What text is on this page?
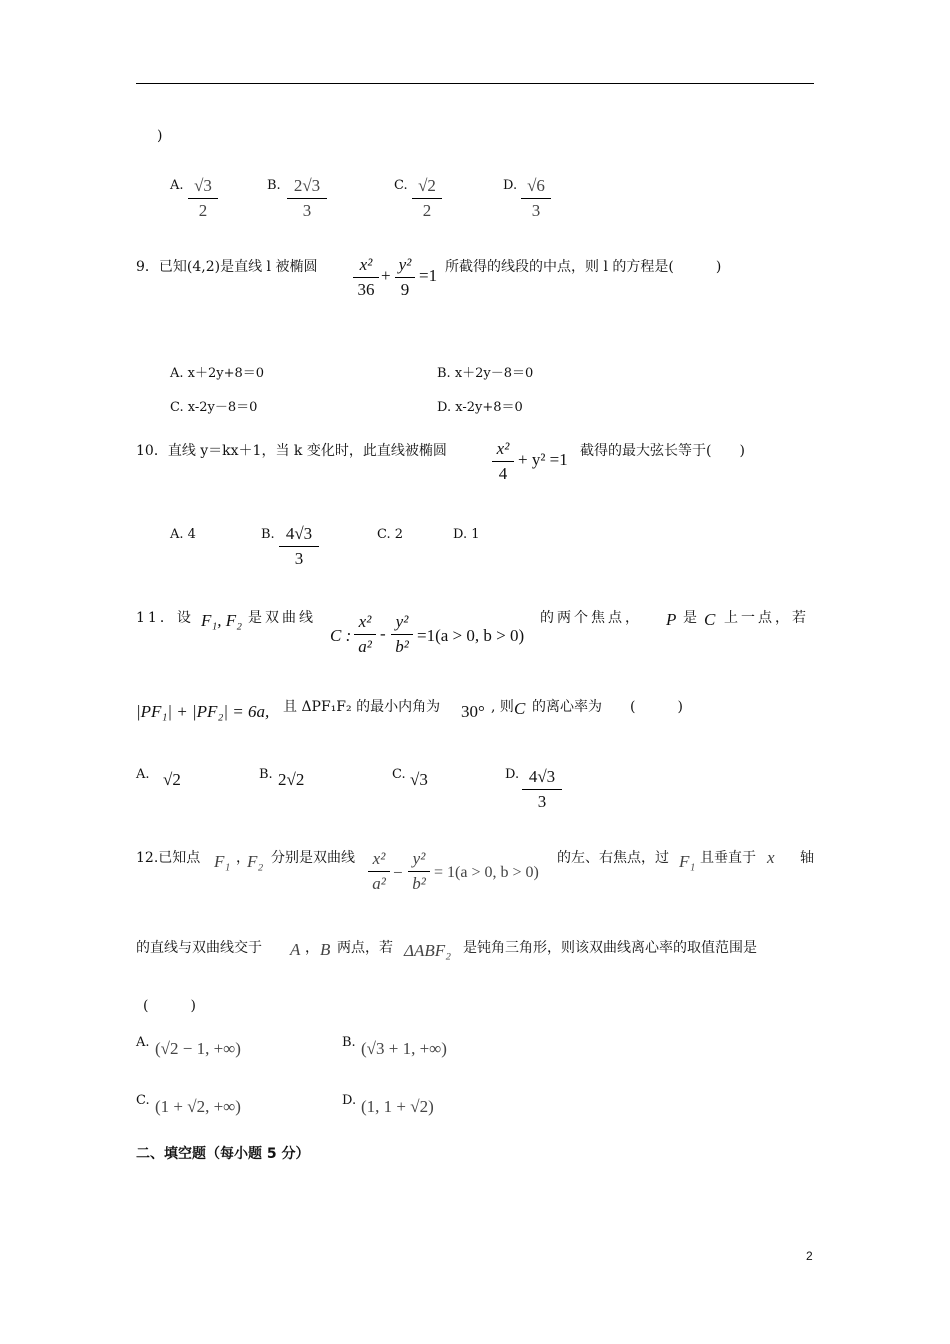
)
A. √3
2
B. 2√3
3
C. √2
2
D. √6
3
9．已知(4,2)是直线 l 被椭圆	x²
36
+
y²
9
=1 所截得的线段的中点，则 l 的方程是(　　　)
A. x＋2y+8＝0	B. x＋2y－8＝0
C. x-2y－8＝0	D. x-2y+8＝0
10．直线 y＝kx＋1，当 k 变化时，此直线被椭圆	x²
4
+ y² =1 截得的最大弦长等于(　　)
A. 4	B. 4√3
3
C. 2	D. 1
11．设 F₁, F₂ 是双曲线
C :
x²
a²
-
y²
b²
=1(a > 0, b > 0)
的两个焦点， P 是 C 上一点，若
|PF₁| + |PF₂| = 6a, 且 ΔPF₁F₂ 的最小内角为 30° , 则 C 的离心率为　　(　　　)
A. √2	B. 2√2	C. √3	D. 4√3
3
12.已知点 F₁ ，
F₂ 分别是双曲线 x²
a²
−
y²
b²
= 1(a > 0, b > 0)
的左、右焦点，过 F₁ 且垂直于 x 轴
的直线与双曲线交于 A ， B 两点，若 ΔABF₂ 是钝角三角形，则该双曲线离心率的取值范围是
(　　　)
A. (√2 − 1, +∞)	B. (√3 + 1, +∞)
C. (1 + √2, +∞)	D. (1, 1 + √2)
二、填空题（每小题 5 分）
2
